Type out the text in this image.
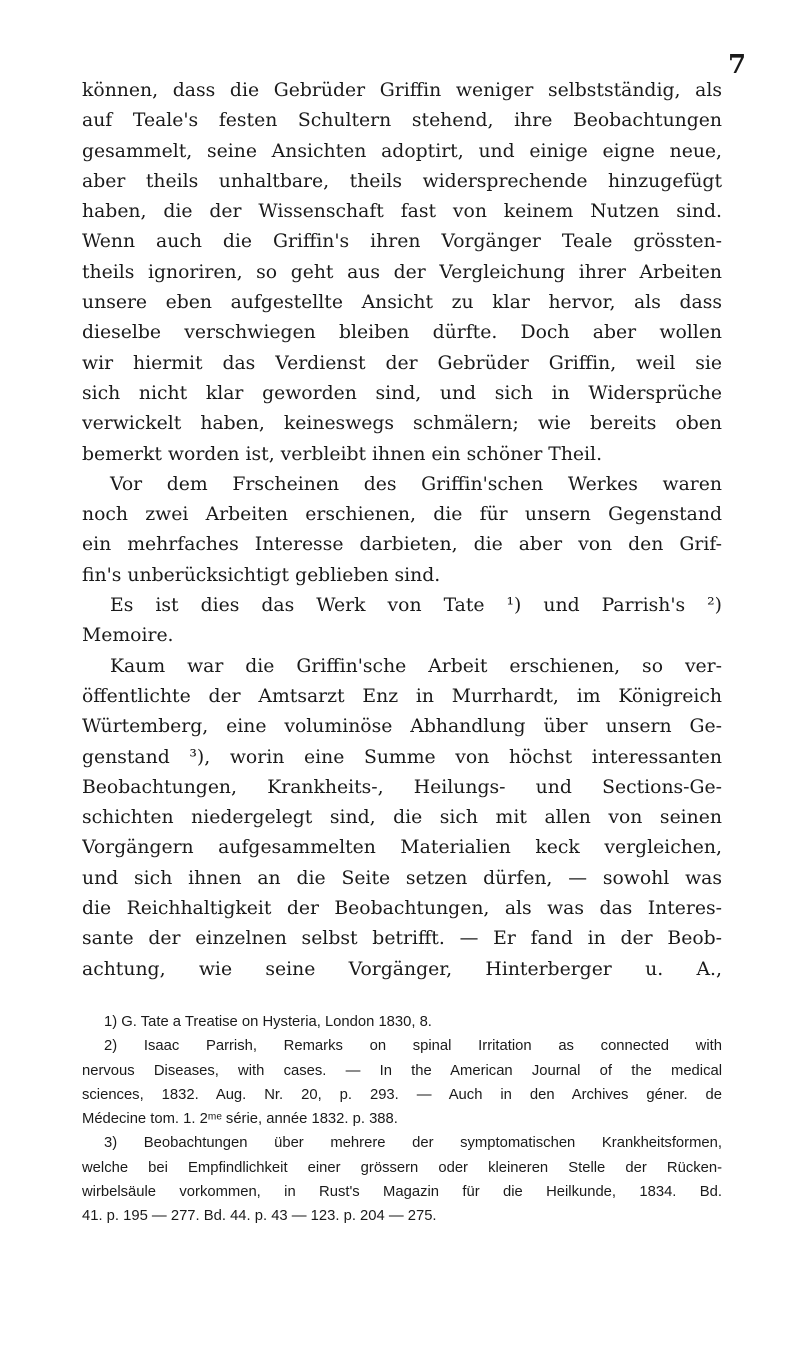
7
können, dass die Gebrüder Griffin weniger selbstständig, als
auf Teale's festen Schultern stehend, ihre Beobachtungen
gesammelt, seine Ansichten adoptirt, und einige eigne neue,
aber theils unhaltbare, theils widersprechende hinzugefügt
haben, die der Wissenschaft fast von keinem Nutzen sind.
Wenn auch die Griffin's ihren Vorgänger Teale grössten-
theils ignoriren, so geht aus der Vergleichung ihrer Arbeiten
unsere eben aufgestellte Ansicht zu klar hervor, als dass
dieselbe verschwiegen bleiben dürfte. Doch aber wollen
wir hiermit das Verdienst der Gebrüder Griffin, weil sie
sich nicht klar geworden sind, und sich in Widersprüche
verwickelt haben, keineswegs schmälern; wie bereits oben
bemerkt worden ist, verbleibt ihnen ein schöner Theil.
Vor dem Frscheinen des Griffin'schen Werkes waren
noch zwei Arbeiten erschienen, die für unsern Gegenstand
ein mehrfaches Interesse darbieten, die aber von den Grif-
fin's unberücksichtigt geblieben sind.
Es ist dies das Werk von Tate ¹) und Parrish's ²)
Memoire.
Kaum war die Griffin'sche Arbeit erschienen, so ver-
öffentlichte der Amtsarzt Enz in Murrhardt, im Königreich
Würtemberg, eine voluminöse Abhandlung über unsern Ge-
genstand ³), worin eine Summe von höchst interessanten
Beobachtungen, Krankheits-, Heilungs- und Sections-Ge-
schichten niedergelegt sind, die sich mit allen von seinen
Vorgängern aufgesammelten Materialien keck vergleichen,
und sich ihnen an die Seite setzen dürfen, — sowohl was
die Reichhaltigkeit der Beobachtungen, als was das Interes-
sante der einzelnen selbst betrifft. — Er fand in der Beob-
achtung, wie seine Vorgänger, Hinterberger u. A.,
1) G. Tate a Treatise on Hysteria, London 1830, 8.
2) Isaac Parrish, Remarks on spinal Irritation as connected with
nervous Diseases, with cases. — In the American Journal of the medical
sciences, 1832. Aug. Nr. 20, p. 293. — Auch in den Archives géner. de
Médecine tom. 1. 2ᵐᵉ série, année 1832. p. 388.
3) Beobachtungen über mehrere der symptomatischen Krankheitsformen,
welche bei Empfindlichkeit einer grössern oder kleineren Stelle der Rücken-
wirbelsäule vorkommen, in Rust's Magazin für die Heilkunde, 1834. Bd.
41. p. 195 — 277. Bd. 44. p. 43 — 123. p. 204 — 275.
